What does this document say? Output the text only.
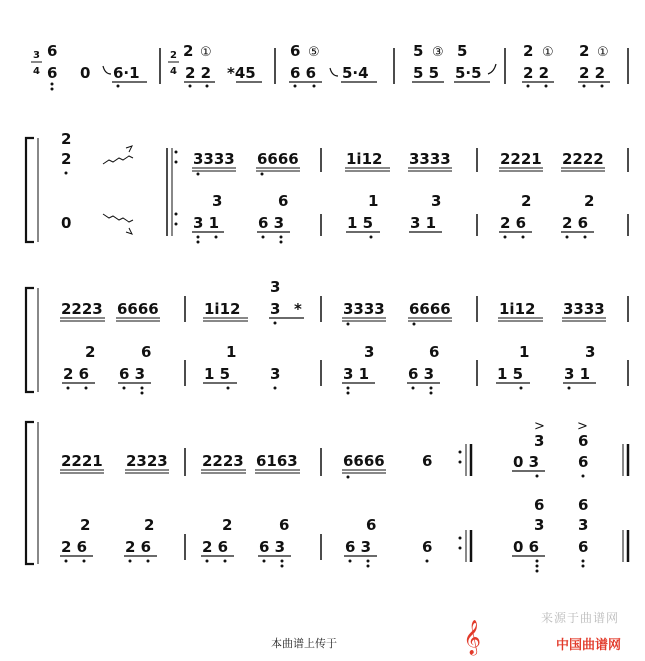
3
4
6
6 0 6·1
2
4
2 ①
2 2 *45
6 ⑤
6 6 5·4
5 ③ 5
5 5 5·5
2 ① 2 ①
2 2 2 2
2
2	3333 6666	1i12 3333	2221 2222
0
3	6
3 1	6 3
1	3
1 5 3 1
2	2
2 6 2 6
2223 6666	1i12
3
3 *	3333 6666	1i12 3333
2	6
2 6 6 3
1
1 5	3
3	6
3 1	6 3
1	3
1 5	3 1
2221 2323 2223 6163	6666 6
> >
3 6
0 3	6
2	2	2	6	6
2 6	2 6	2 6 6 3	6 3	6
6 6
3 3
0 6	6
来源于曲谱网
本曲谱上传于	𝄞	中国曲谱网
